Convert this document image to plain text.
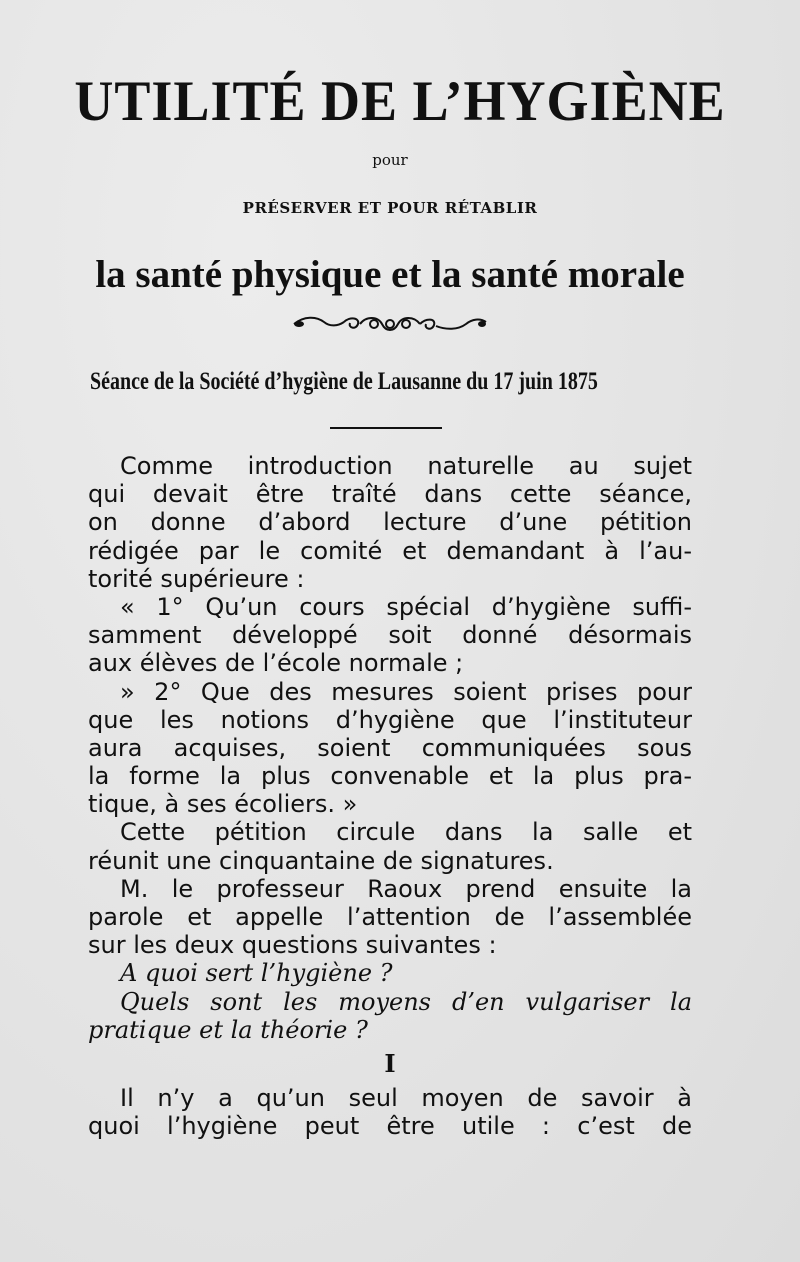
UTILITÉ DE L’HYGIÈNE
pour
PRÉSERVER ET POUR RÉTABLIR
la santé physique et la santé morale
Séance de la Société d’hygiène de Lausanne du 17 juin 1875
Comme introduction naturelle au sujet
qui devait être traîté dans cette séance,
on donne d’abord lecture d’une pétition
rédigée par le comité et demandant à l’au-
torité supérieure :
« 1° Qu’un cours spécial d’hygiène suffi-
samment développé soit donné désormais
aux élèves de l’école normale ;
» 2° Que des mesures soient prises pour
que les notions d’hygiène que l’instituteur
aura acquises, soient communiquées sous
la forme la plus convenable et la plus pra-
tique, à ses écoliers. »
Cette pétition circule dans la salle et
réunit une cinquantaine de signatures.
M. le professeur Raoux prend ensuite la
parole et appelle l’attention de l’assemblée
sur les deux questions suivantes :
A quoi sert l’hygiène ?
Quels sont les moyens d’en vulgariser la
pratique et la théorie ?
I
Il n’y a qu’un seul moyen de savoir à
quoi l’hygiène peut être utile : c’est de
